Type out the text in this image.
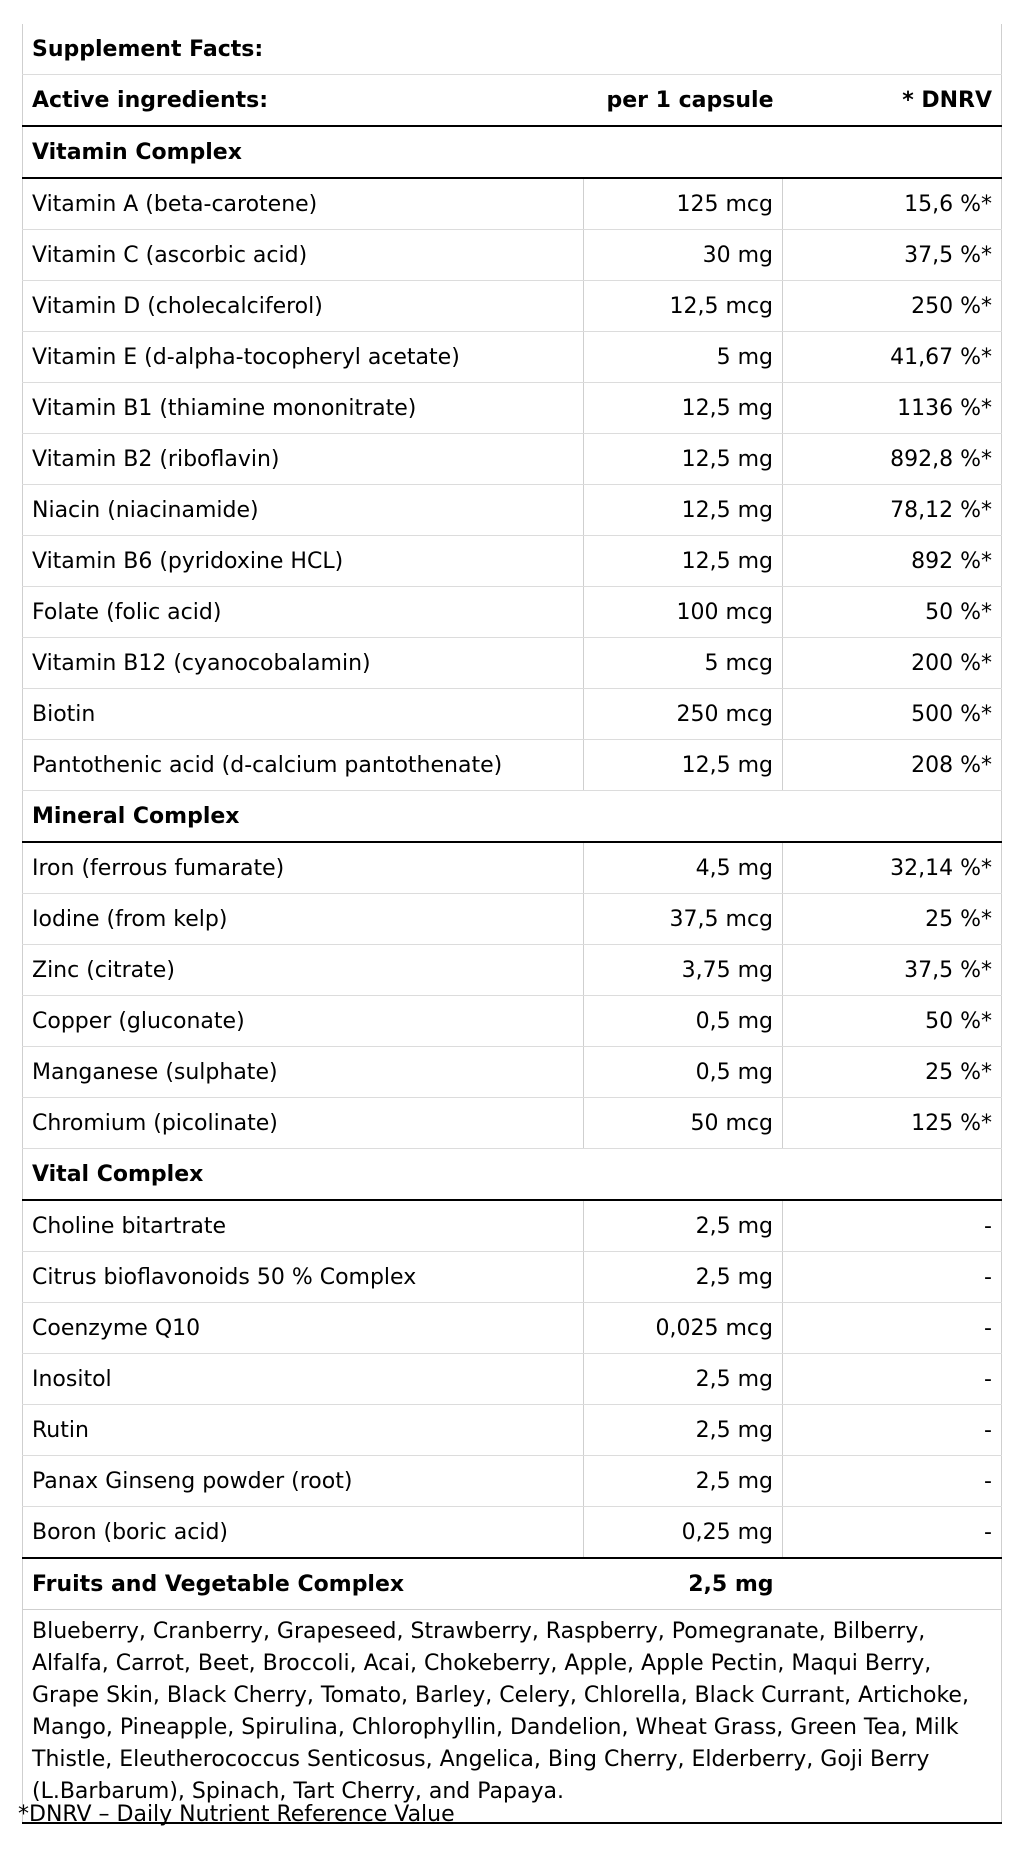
Supplement Facts:		
Active ingredients:	per 1 capsule	* DNRV
Vitamin Complex		
Vitamin A (beta-carotene)	125 mcg	15,6 %*
Vitamin C (ascorbic acid)	30 mg	37,5 %*
Vitamin D (cholecalciferol)	12,5 mcg	250 %*
Vitamin E (d-alpha-tocopheryl acetate)	5 mg	41,67 %*
Vitamin B1 (thiamine mononitrate)	12,5 mg	1136 %*
Vitamin B2 (riboflavin)	12,5 mg	892,8 %*
Niacin (niacinamide)	12,5 mg	78,12 %*
Vitamin B6 (pyridoxine HCL)	12,5 mg	892 %*
Folate (folic acid)	100 mcg	50 %*
Vitamin B12 (cyanocobalamin)	5 mcg	200 %*
Biotin	250 mcg	500 %*
Pantothenic acid (d-calcium pantothenate)	12,5 mg	208 %*
Mineral Complex		
Iron (ferrous fumarate)	4,5 mg	32,14 %*
Iodine (from kelp)	37,5 mcg	25 %*
Zinc (citrate)	3,75 mg	37,5 %*
Copper (gluconate)	0,5 mg	50 %*
Manganese (sulphate)	0,5 mg	25 %*
Chromium (picolinate)	50 mcg	125 %*
Vital Complex		
Choline bitartrate	2,5 mg	-
Citrus bioflavonoids 50 % Complex	2,5 mg	-
Coenzyme Q10	0,025 mcg	-
Inositol	2,5 mg	-
Rutin	2,5 mg	-
Panax Ginseng powder (root)	2,5 mg	-
Boron (boric acid)	0,25 mg	-
Fruits and Vegetable Complex	2,5 mg	
Blueberry, Cranberry, Grapeseed, Strawberry, Raspberry, Pomegranate, Bilberry, Alfalfa, Carrot, Beet, Broccoli, Acai, Chokeberry, Apple, Apple Pectin, Maqui Berry, Grape Skin, Black Cherry, Tomato, Barley, Celery, Chlorella, Black Currant, Artichoke, Mango, Pineapple, Spirulina, Chlorophyllin, Dandelion, Wheat Grass, Green Tea, Milk Thistle, Eleutherococcus Senticosus, Angelica, Bing Cherry, Elderberry, Goji Berry (L.Barbarum), Spinach, Tart Cherry, and Papaya.		
*DNRV – Daily Nutrient Reference Value
